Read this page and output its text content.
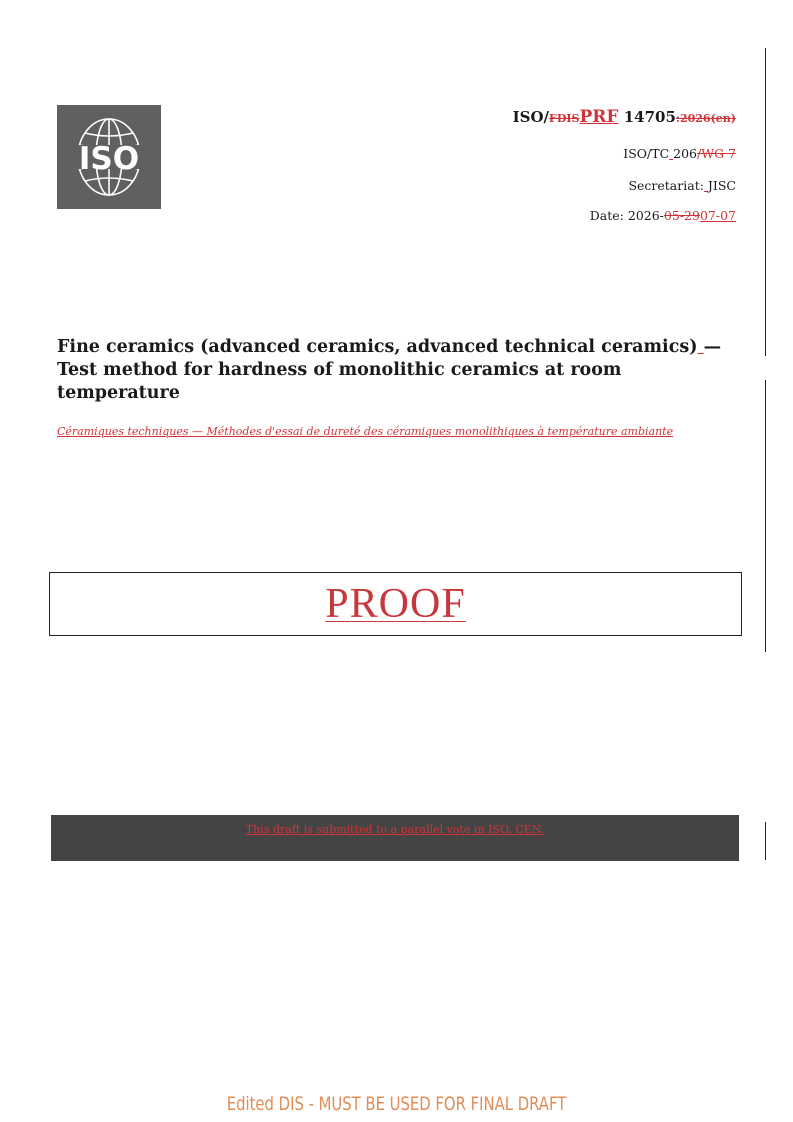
ISO
ISO/FDISPRF 14705:2026(en)
ISO/TC 206/WG 7
Secretariat: JISC
Date: 2026-05-2907-07
Fine ceramics (advanced ceramics, advanced technical ceramics) — Test method for hardness of monolithic ceramics at room temperature
Céramiques techniques — Méthodes d'essai de dureté des céramiques monolithiques à température ambiante
PROOF
This draft is submitted to a parallel vote in ISO, CEN.
Edited DIS - MUST BE USED FOR FINAL DRAFT
